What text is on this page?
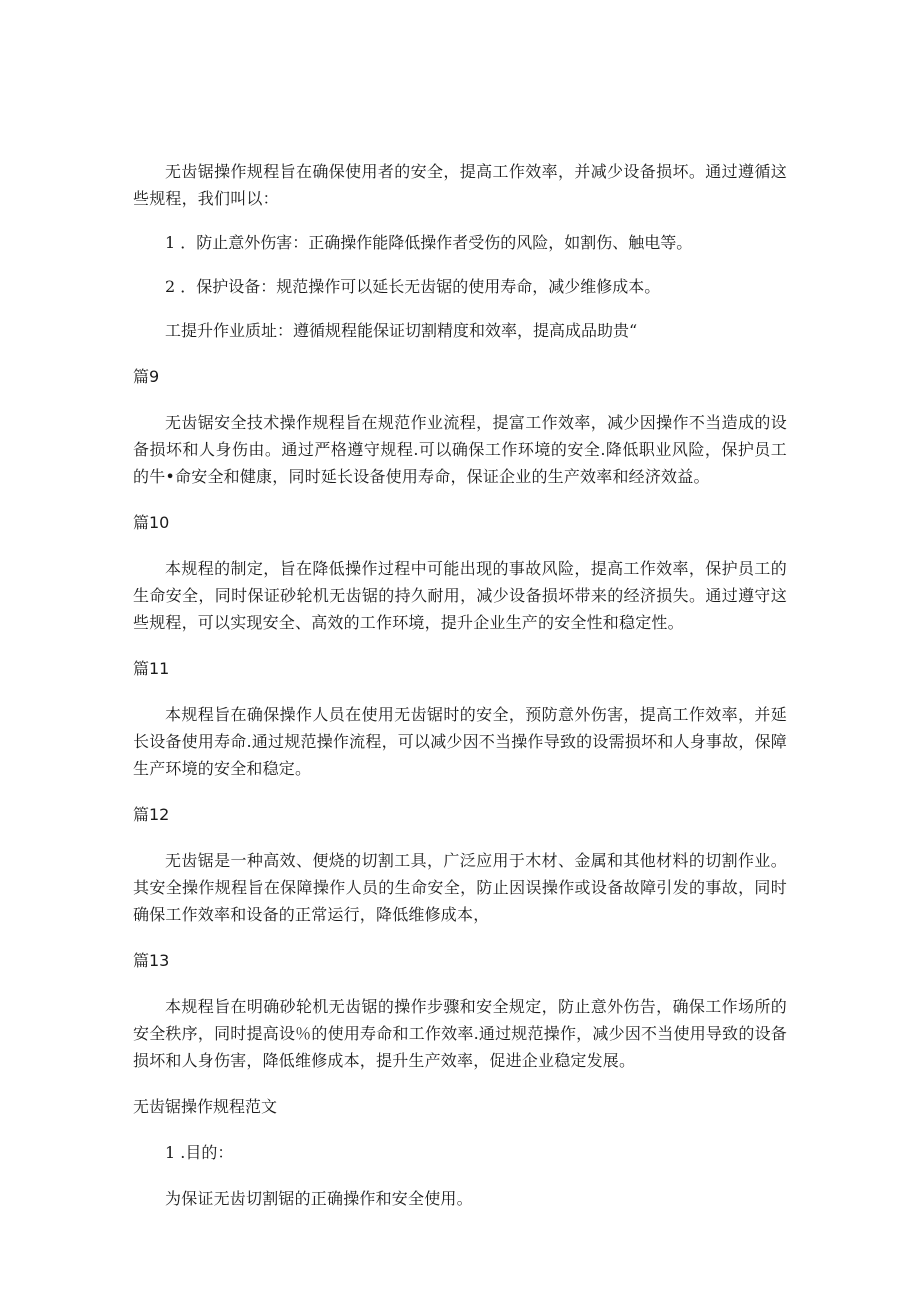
无齿锯操作规程旨在确保使用者的安全，提高工作效率，并减少设备损坏。通过遵循这些规程，我们叫以：

1 ．防止意外伤害：正确操作能降低操作者受伤的风险，如割伤、触电等。

2 ．保护设备：规范操作可以延长无齿锯的使用寿命，减少维修成本。

工提升作业质址：遵循规程能保证切割精度和效率，提高成品助贵“

篇9

无齿锯安全技术操作规程旨在规范作业流程，提富工作效率，减少因操作不当造成的设备损坏和人身伤由。通过严格遵守规程.可以确保工作环境的安全.降低职业风险，保护员工的牛•命安全和健康，同时延长设备使用寿命，保证企业的生产效率和经济效益。

篇10

本规程的制定，旨在降低操作过程中可能出现的事故风险，提高工作效率，保护员工的生命安全，同时保证砂轮机无齿锯的持久耐用，减少设备损坏带来的经济损失。通过遵守这些规程，可以实现安全、高效的工作环境，提升企业生产的安全性和稳定性。

篇11

本规程旨在确保操作人员在使用无齿锯时的安全，预防意外伤害，提高工作效率，并延长设备使用寿命.通过规范操作流程，可以减少因不当操作导致的设需损坏和人身事故，保障生产环境的安全和稳定。

篇12

无齿锯是一种高效、便烧的切割工具，广泛应用于木材、金属和其他材料的切割作业。其安全操作规程旨在保障操作人员的生命安全，防止因误操作或设备故障引发的事故，同时确保工作效率和设备的正常运行，降低维修成本，

篇13

本规程旨在明确砂轮机无齿锯的操作步骤和安全规定，防止意外伤告，确保工作场所的安全秩序，同时提高设％的使用寿命和工作效率.通过规范操作，减少因不当使用导致的设备损坏和人身伤害，降低维修成本，提升生产效率，促进企业稳定发展。

无齿锯操作规程范文

1 .目的：

为保证无齿切割锯的正确操作和安全使用。
